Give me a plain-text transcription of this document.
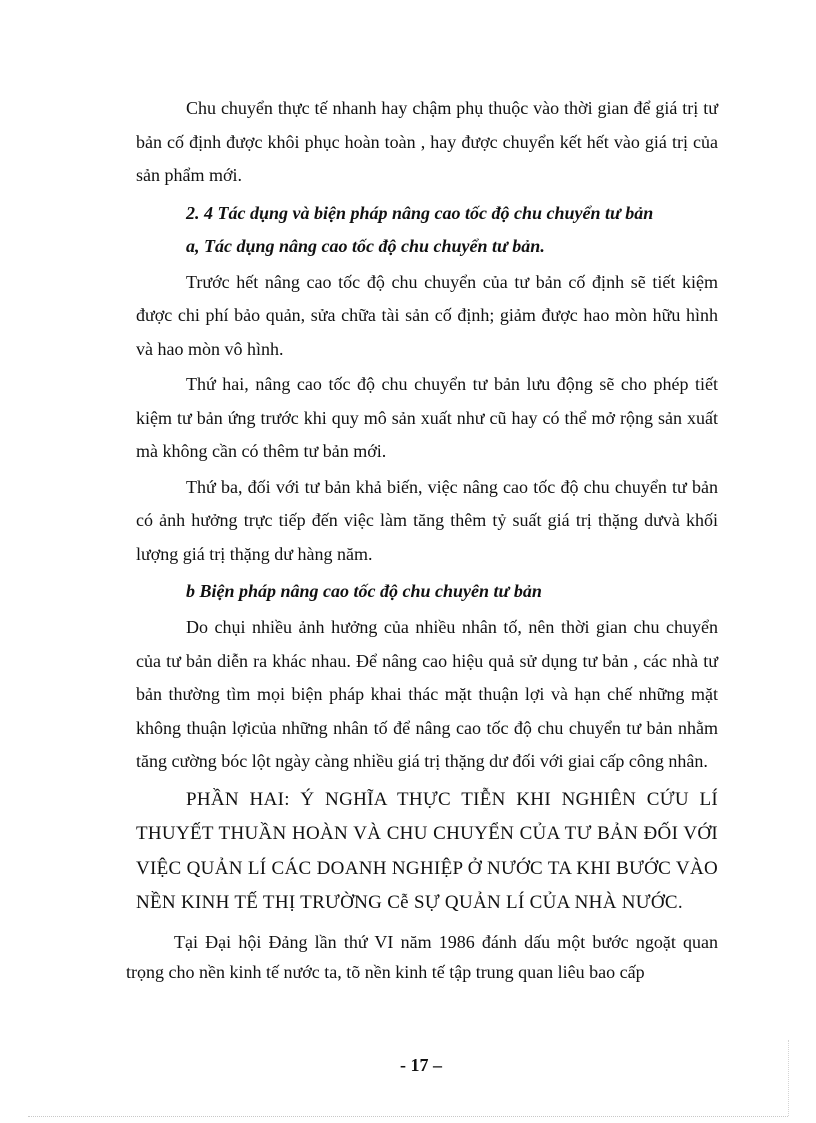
Chu chuyển thực tế nhanh hay chậm phụ thuộc vào thời gian để giá trị tư bản cố định được khôi phục hoàn toàn , hay được chuyển kết hết vào giá trị của sản phẩm mới.

2. 4 Tác dụng và biện pháp nâng cao tốc độ chu chuyển tư bản

a, Tác dụng nâng cao tốc độ chu chuyển tư bản.

Trước hết nâng cao tốc độ chu chuyển của tư bản cố định sẽ tiết kiệm được chi phí bảo quản, sửa chữa tài sản cố định; giảm được hao mòn hữu hình và hao mòn vô hình.

Thứ hai, nâng cao tốc độ chu chuyển tư bản lưu động sẽ cho phép tiết kiệm tư bản ứng trước khi quy mô sản xuất như cũ hay có thể mở rộng sản xuất mà không cần có thêm tư bản mới.

Thứ ba, đối với tư bản khả biến, việc nâng cao tốc độ chu chuyển tư bản có ảnh hưởng trực tiếp đến việc làm tăng thêm tỷ suất giá trị thặng dưvà khối lượng giá trị thặng dư hàng năm.

b Biện pháp nâng cao tốc độ chu chuyên tư bản

Do chụi nhiều ảnh hưởng của nhiều nhân tố, nên thời gian chu chuyển của tư bản diễn ra khác nhau. Để nâng cao hiệu quả sử dụng tư bản , các nhà tư bản thường tìm mọi biện pháp khai thác mặt thuận lợi và hạn chế những mặt không thuận lợicủa những nhân tố để nâng cao tốc độ chu chuyển tư bản nhằm tăng cường bóc lột ngày càng nhiều giá trị thặng dư đối với giai cấp công nhân.

PHẦN HAI: Ý NGHĨA THỰC TIỄN KHI NGHIÊN CỨU LÍ THUYẾT THUẦN HOÀN VÀ CHU CHUYỂN CỦA TƯ BẢN ĐỐI VỚI VIỆC QUẢN LÍ CÁC DOANH NGHIỆP Ở NƯỚC TA KHI BƯỚC VÀO NỀN KINH TẾ THỊ TRƯỜNG Cễ SỰ QUẢN LÍ CỦA NHÀ NƯỚC.

Tại Đại hội Đảng lần thứ VI năm 1986 đánh dấu một bước ngoặt quan trọng cho nền kinh tế nước ta, tõ nền kinh tế tập trung quan liêu bao cấp

- 17 –
